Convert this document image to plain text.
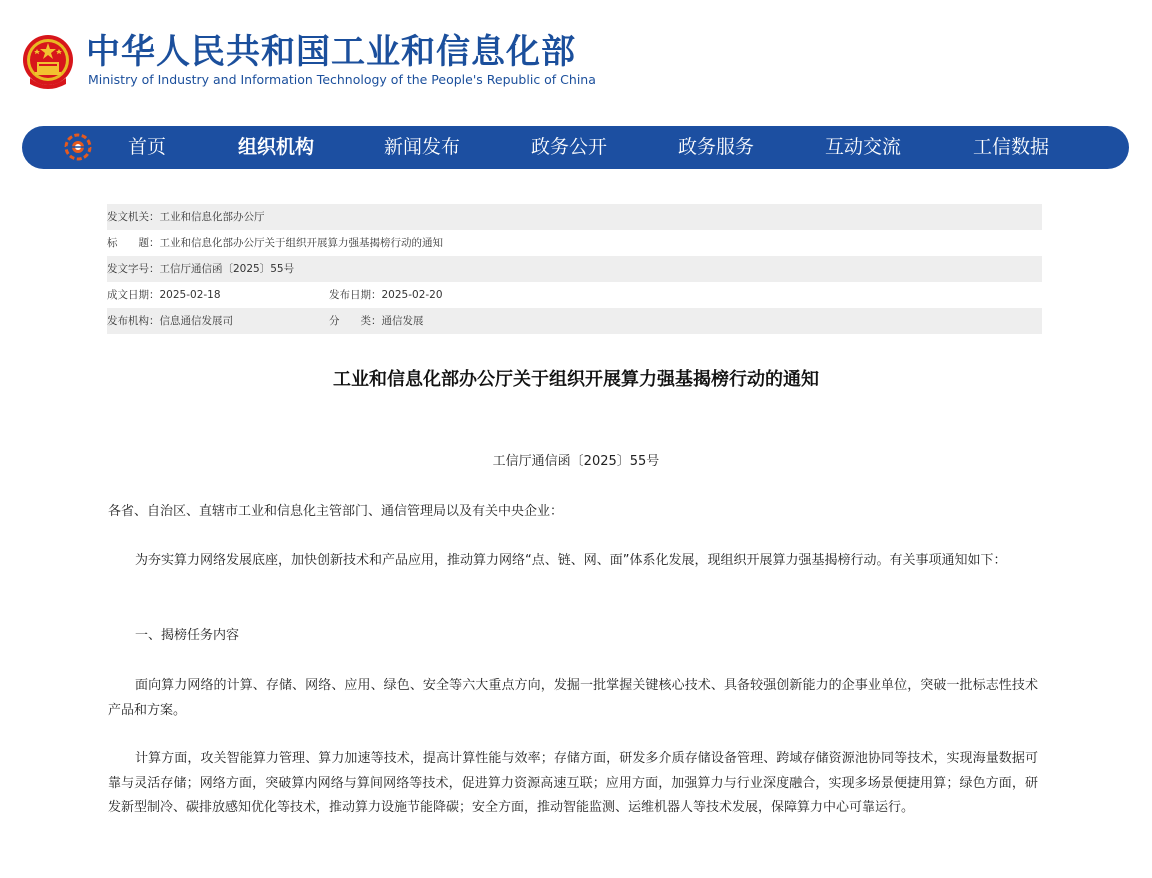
中华人民共和国工业和信息化部
Ministry of Industry and Information Technology of the People's Republic of China
首页	组织机构	新闻发布	政务公开	政务服务	互动交流	工信数据
发文机关：工业和信息化部办公厅
标　　题：工业和信息化部办公厅关于组织开展算力强基揭榜行动的通知
发文字号：工信厅通信函〔2025〕55号
成文日期：2025-02-18	发布日期：2025-02-20
发布机构：信息通信发展司	分　　类：通信发展
工业和信息化部办公厅关于组织开展算力强基揭榜行动的通知
工信厅通信函〔2025〕55号
各省、自治区、直辖市工业和信息化主管部门、通信管理局以及有关中央企业：
为夯实算力网络发展底座，加快创新技术和产品应用，推动算力网络“点、链、网、面”体系化发展，现组织开展算力强基揭榜行动。有关事项通知如下：
一、揭榜任务内容
面向算力网络的计算、存储、网络、应用、绿色、安全等六大重点方向，发掘一批掌握关键核心技术、具备较强创新能力的企事业单位，突破一批标志性技术产品和方案。
计算方面，攻关智能算力管理、算力加速等技术，提高计算性能与效率；存储方面，研发多介质存储设备管理、跨域存储资源池协同等技术，实现海量数据可靠与灵活存储；网络方面，突破算内网络与算间网络等技术，促进算力资源高速互联；应用方面，加强算力与行业深度融合，实现多场景便捷用算；绿色方面，研发新型制冷、碳排放感知优化等技术，推动算力设施节能降碳；安全方面，推动智能监测、运维机器人等技术发展，保障算力中心可靠运行。
